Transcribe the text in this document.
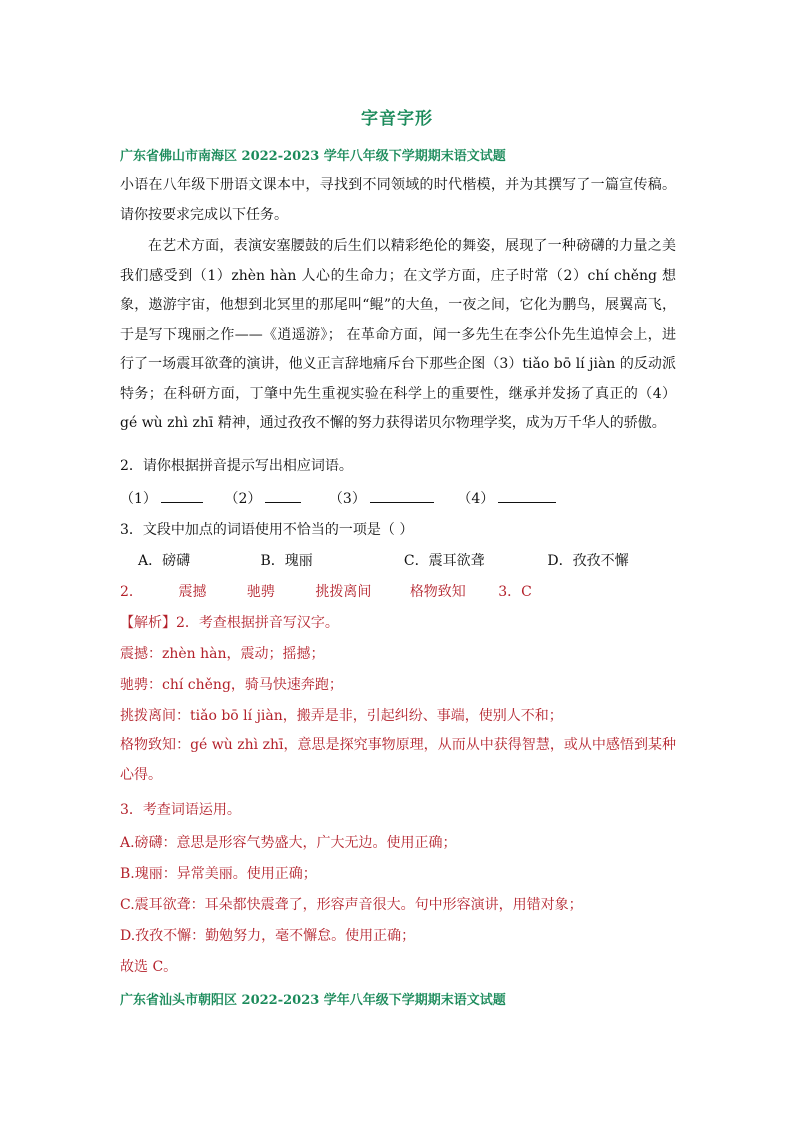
字音字形
广东省佛山市南海区 2022-2023 学年八年级下学期期末语文试题
小语在八年级下册语文课本中，寻找到不同领域的时代楷模，并为其撰写了一篇宣传稿。请你按要求完成以下任务。
在艺术方面，表演安塞腰鼓的后生们以精彩绝伦的舞姿，展现了一种磅礴的力量之美我们感受到（1）zhèn hàn 人心的生命力；在文学方面，庄子时常（2）chí chěng 想象，遨游宇宙，他想到北冥里的那尾叫“鲲”的大鱼，一夜之间，它化为鹏鸟，展翼高飞，于是写下瑰丽之作——《逍遥游》； 在革命方面，闻一多先生在李公仆先生追悼会上，进行了一场震耳欲聋的演讲，他义正言辞地痛斥台下那些企图（3）tiǎo bō lí jiàn 的反动派特务；在科研方面，丁肇中先生重视实验在科学上的重要性，继承并发扬了真正的（4）gé wù zhì zhī 精神，通过孜孜不懈的努力获得诺贝尔物理学奖，成为万千华人的骄傲。
2．请你根据拼音提示写出相应词语。
（1）	（2）	（3）	（4）
3．文段中加点的词语使用不恰当的一项是（ ）
A．磅礴	B．瑰丽	C．震耳欲聋	D．孜孜不懈
2．	震撼	驰骋	挑拨离间	格物致知 3．C
【解析】2．考查根据拼音写汉字。
震撼：zhèn hàn，震动；摇撼；
驰骋：chí chěng，骑马快速奔跑；
挑拨离间：tiǎo bō lí jiàn，搬弄是非，引起纠纷、事端，使别人不和；
格物致知：gé wù zhì zhī，意思是探究事物原理，从而从中获得智慧，或从中感悟到某种心得。
3．考查词语运用。
A.磅礴：意思是形容气势盛大，广大无边。使用正确；
B.瑰丽：异常美丽。使用正确；
C.震耳欲聋：耳朵都快震聋了，形容声音很大。句中形容演讲，用错对象；
D.孜孜不懈：勤勉努力，毫不懈怠。使用正确；
故选 C。
广东省汕头市朝阳区 2022-2023 学年八年级下学期期末语文试题
